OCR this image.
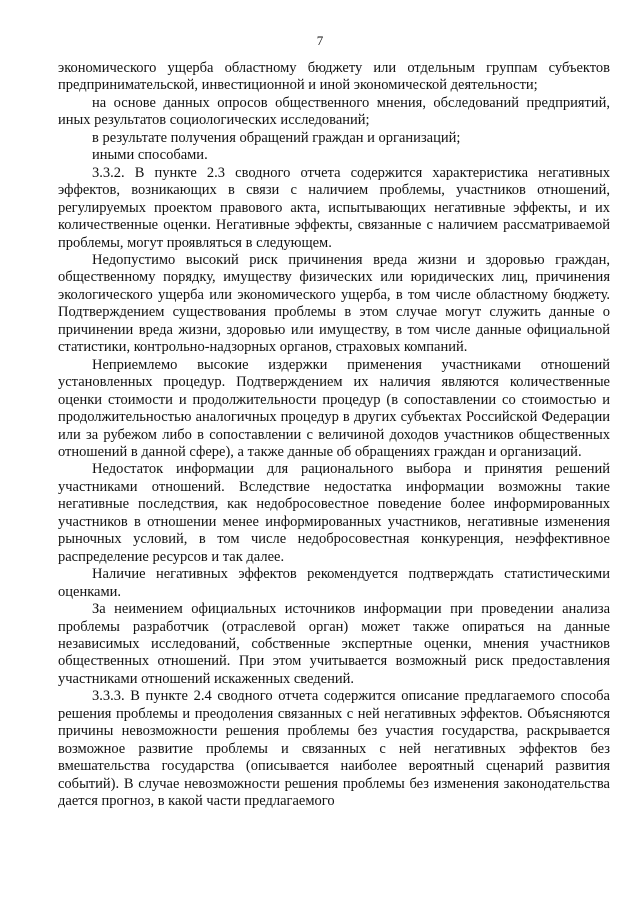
7

экономического ущерба областному бюджету или отдельным группам субъектов предпринимательской, инвестиционной и иной экономической деятельности;

на основе данных опросов общественного мнения, обследований предприятий, иных результатов социологических исследований;

в результате получения обращений граждан и организаций;

иными способами.

3.3.2. В пункте 2.3 сводного отчета содержится характеристика негативных эффектов, возникающих в связи с наличием проблемы, участников отношений, регулируемых проектом правового акта, испытывающих негативные эффекты, и их количественные оценки. Негативные эффекты, связанные с наличием рассматриваемой проблемы, могут проявляться в следующем.

Недопустимо высокий риск причинения вреда жизни и здоровью граждан, общественному порядку, имуществу физических или юридических лиц, причинения экологического ущерба или экономического ущерба, в том числе областному бюджету. Подтверждением существования проблемы в этом случае могут служить данные о причинении вреда жизни, здоровью или имуществу, в том числе данные официальной статистики, контрольно-надзорных органов, страховых компаний.

Неприемлемо высокие издержки применения участниками отношений установленных процедур. Подтверждением их наличия являются количественные оценки стоимости и продолжительности процедур (в сопоставлении со стоимостью и продолжительностью аналогичных процедур в других субъектах Российской Федерации или за рубежом либо в сопоставлении с величиной доходов участников общественных отношений в данной сфере), а также данные об обращениях граждан и организаций.

Недостаток информации для рационального выбора и принятия решений участниками отношений. Вследствие недостатка информации возможны такие негативные последствия, как недобросовестное поведение более информированных участников в отношении менее информированных участников, негативные изменения рыночных условий, в том числе недобросовестная конкуренция, неэффективное распределение ресурсов и так далее.

Наличие негативных эффектов рекомендуется подтверждать статистическими оценками.

За неимением официальных источников информации при проведении анализа проблемы разработчик (отраслевой орган) может также опираться на данные независимых исследований, собственные экспертные оценки, мнения участников общественных отношений. При этом учитывается возможный риск предоставления участниками отношений искаженных сведений.

3.3.3. В пункте 2.4 сводного отчета содержится описание предлагаемого способа решения проблемы и преодоления связанных с ней негативных эффектов. Объясняются причины невозможности решения проблемы без участия государства, раскрывается возможное развитие проблемы и связанных с ней негативных эффектов без вмешательства государства (описывается наиболее вероятный сценарий развития событий). В случае невозможности решения проблемы без изменения законодательства дается прогноз, в какой части предлагаемого
